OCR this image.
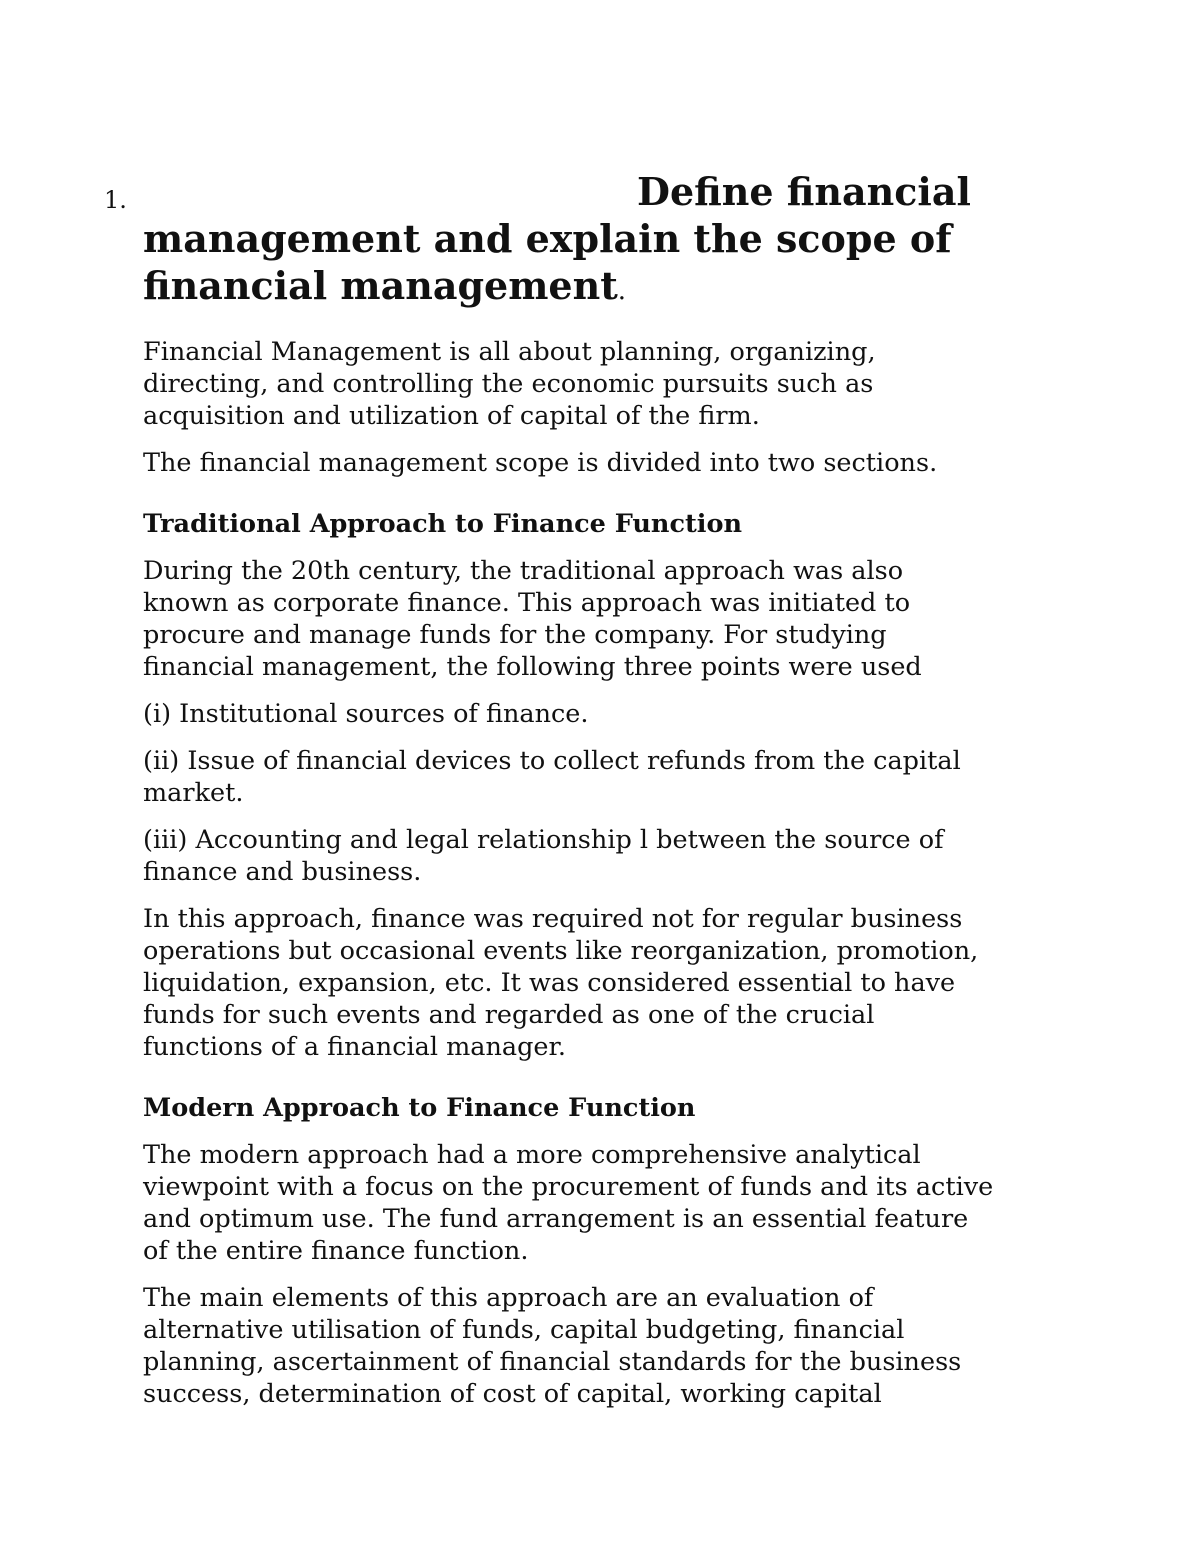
1.	Define financial
management and explain the scope of
financial management.

Financial Management is all about planning, organizing,
directing, and controlling the economic pursuits such as
acquisition and utilization of capital of the firm.

The financial management scope is divided into two sections.

Traditional Approach to Finance Function

During the 20th century, the traditional approach was also
known as corporate finance. This approach was initiated to
procure and manage funds for the company. For studying
financial management, the following three points were used

(i) Institutional sources of finance.

(ii) Issue of financial devices to collect refunds from the capital
market.

(iii) Accounting and legal relationship l between the source of
finance and business.

In this approach, finance was required not for regular business
operations but occasional events like reorganization, promotion,
liquidation, expansion, etc. It was considered essential to have
funds for such events and regarded as one of the crucial
functions of a financial manager.

Modern Approach to Finance Function

The modern approach had a more comprehensive analytical
viewpoint with a focus on the procurement of funds and its active
and optimum use. The fund arrangement is an essential feature
of the entire finance function.

The main elements of this approach are an evaluation of
alternative utilisation of funds, capital budgeting, financial
planning, ascertainment of financial standards for the business
success, determination of cost of capital, working capital
